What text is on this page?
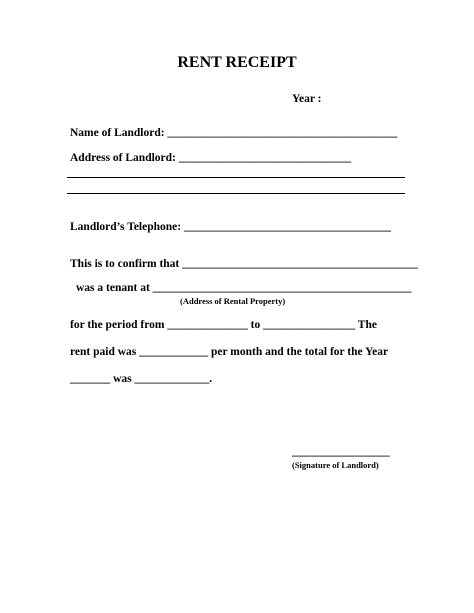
RENT RECEIPT
Year :
Name of Landlord: ________________________________________
Address of Landlord: ______________________________
Landlord’s Telephone: ____________________________________
This is to confirm that _________________________________________
was a tenant at _____________________________________________
(Address of Rental Property)
for the period from ______________ to ________________ The
rent paid was ____________ per month and the total for the Year
_______ was _____________.
_________________
(Signature of Landlord)
